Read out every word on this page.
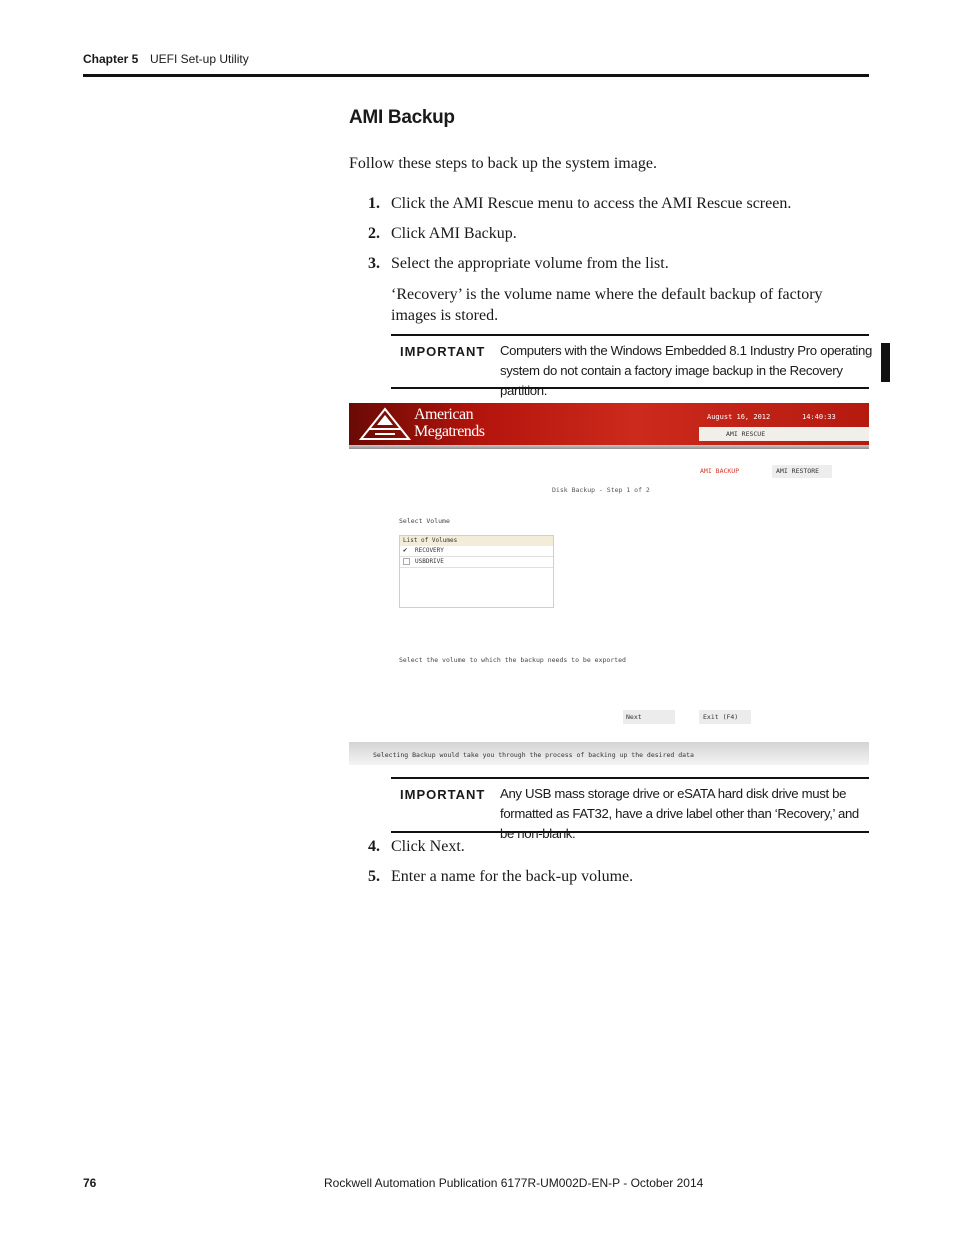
Chapter 5 UEFI Set-up Utility
AMI Backup
Follow these steps to back up the system image.
1. Click the AMI Rescue menu to access the AMI Rescue screen.
2. Click AMI Backup.
3. Select the appropriate volume from the list.
‘Recovery’ is the volume name where the default backup of factory images is stored.
IMPORTANT Computers with the Windows Embedded 8.1 Industry Pro operating system do not contain a factory image backup in the Recovery partition.
American
Megatrends
August 16, 2012	14:40:33
AMI RESCUE
AMI BACKUP	AMI RESTORE
Disk Backup - Step 1 of 2
Select Volume
List of Volumes
✔	RECOVERY
USBDRIVE
Select the volume to which the backup needs to be exported
Next	Exit (F4)
Selecting Backup would take you through the process of backing up the desired data
IMPORTANT Any USB mass storage drive or eSATA hard disk drive must be formatted as FAT32, have a drive label other than ‘Recovery,’ and be non-blank.
4. Click Next.
5. Enter a name for the back-up volume.
76	Rockwell Automation Publication 6177R-UM002D-EN-P - October 2014
